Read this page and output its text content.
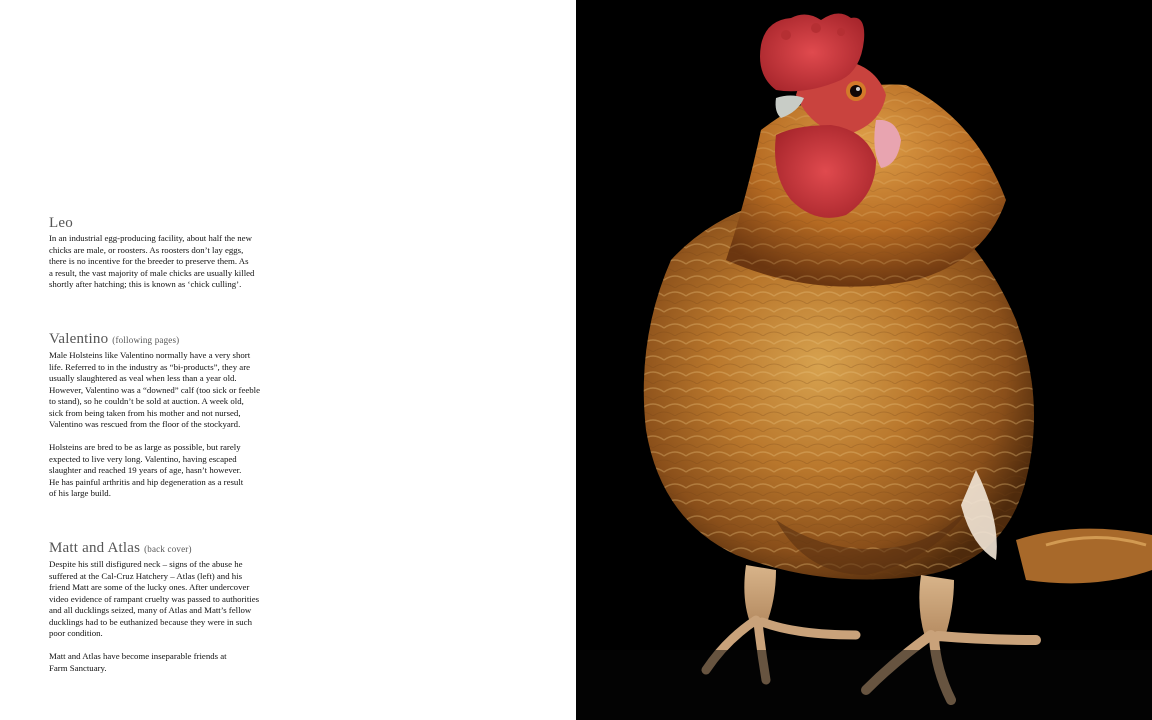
Leo

In an industrial egg-producing facility, about half the new
chicks are male, or roosters. As roosters don’t lay eggs,
there is no incentive for the breeder to preserve them. As
a result, the vast majority of male chicks are usually killed
shortly after hatching; this is known as ‘chick culling’.

Valentino (following pages)

Male Holsteins like Valentino normally have a very short
life. Referred to in the industry as “bi-products”, they are
usually slaughtered as veal when less than a year old.
However, Valentino was a “downed” calf (too sick or feeble
to stand), so he couldn’t be sold at auction. A week old,
sick from being taken from his mother and not nursed,
Valentino was rescued from the floor of the stockyard.

Holsteins are bred to be as large as possible, but rarely
expected to live very long. Valentino, having escaped
slaughter and reached 19 years of age, hasn’t however.
He has painful arthritis and hip degeneration as a result
of his large build.

Matt and Atlas (back cover)

Despite his still disfigured neck – signs of the abuse he
suffered at the Cal-Cruz Hatchery – Atlas (left) and his
friend Matt are some of the lucky ones. After undercover
video evidence of rampant cruelty was passed to authorities
and all ducklings seized, many of Atlas and Matt’s fellow
ducklings had to be euthanized because they were in such
poor condition.

Matt and Atlas have become inseparable friends at
Farm Sanctuary.
